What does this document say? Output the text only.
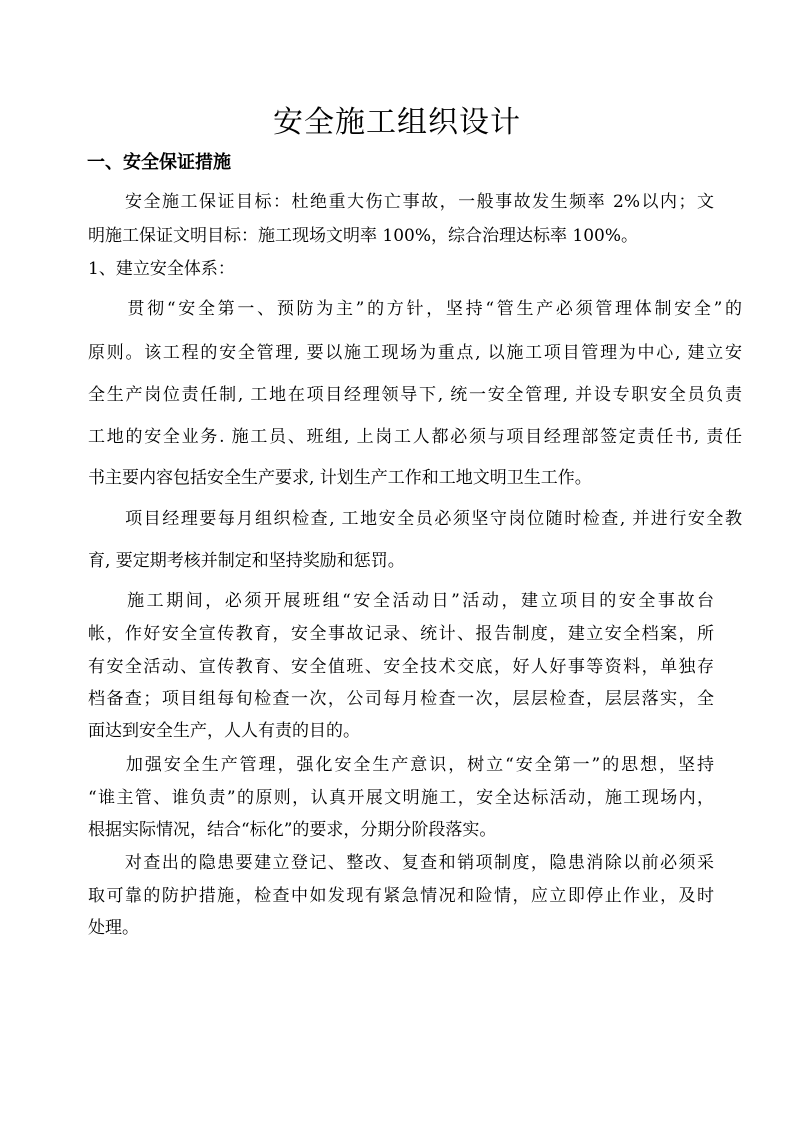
安全施工组织设计
一、安全保证措施
　　安全施工保证目标：杜绝重大伤亡事故，一般事故发生频率 2%以内；文
明施工保证文明目标：施工现场文明率 100%，综合治理达标率 100%。
1、建立安全体系：
　　贯彻“安全第一、预防为主”的方针，坚持“管生产必须管理体制安全”的
原则。该工程的安全管理, 要以施工现场为重点, 以施工项目管理为中心, 建立安
全生产岗位责任制, 工地在项目经理领导下, 统一安全管理, 并设专职安全员负责
工地的安全业务. 施工员、班组, 上岗工人都必须与项目经理部签定责任书, 责任
书主要内容包括安全生产要求, 计划生产工作和工地文明卫生工作。
　　项目经理要每月组织检查, 工地安全员必须坚守岗位随时检查, 并进行安全教
育, 要定期考核并制定和坚持奖励和惩罚。
　　施工期间，必须开展班组“安全活动日”活动，建立项目的安全事故台
帐，作好安全宣传教育，安全事故记录、统计、报告制度，建立安全档案，所
有安全活动、宣传教育、安全值班、安全技术交底，好人好事等资料，单独存
档备查；项目组每旬检查一次，公司每月检查一次，层层检查，层层落实，全
面达到安全生产，人人有责的目的。
　　加强安全生产管理，强化安全生产意识，树立“安全第一”的思想，坚持
“谁主管、谁负责”的原则，认真开展文明施工，安全达标活动，施工现场内，
根据实际情况，结合“标化”的要求，分期分阶段落实。
　　对查出的隐患要建立登记、整改、复查和销项制度，隐患消除以前必须采
取可靠的防护措施，检查中如发现有紧急情况和险情，应立即停止作业，及时
处理。
